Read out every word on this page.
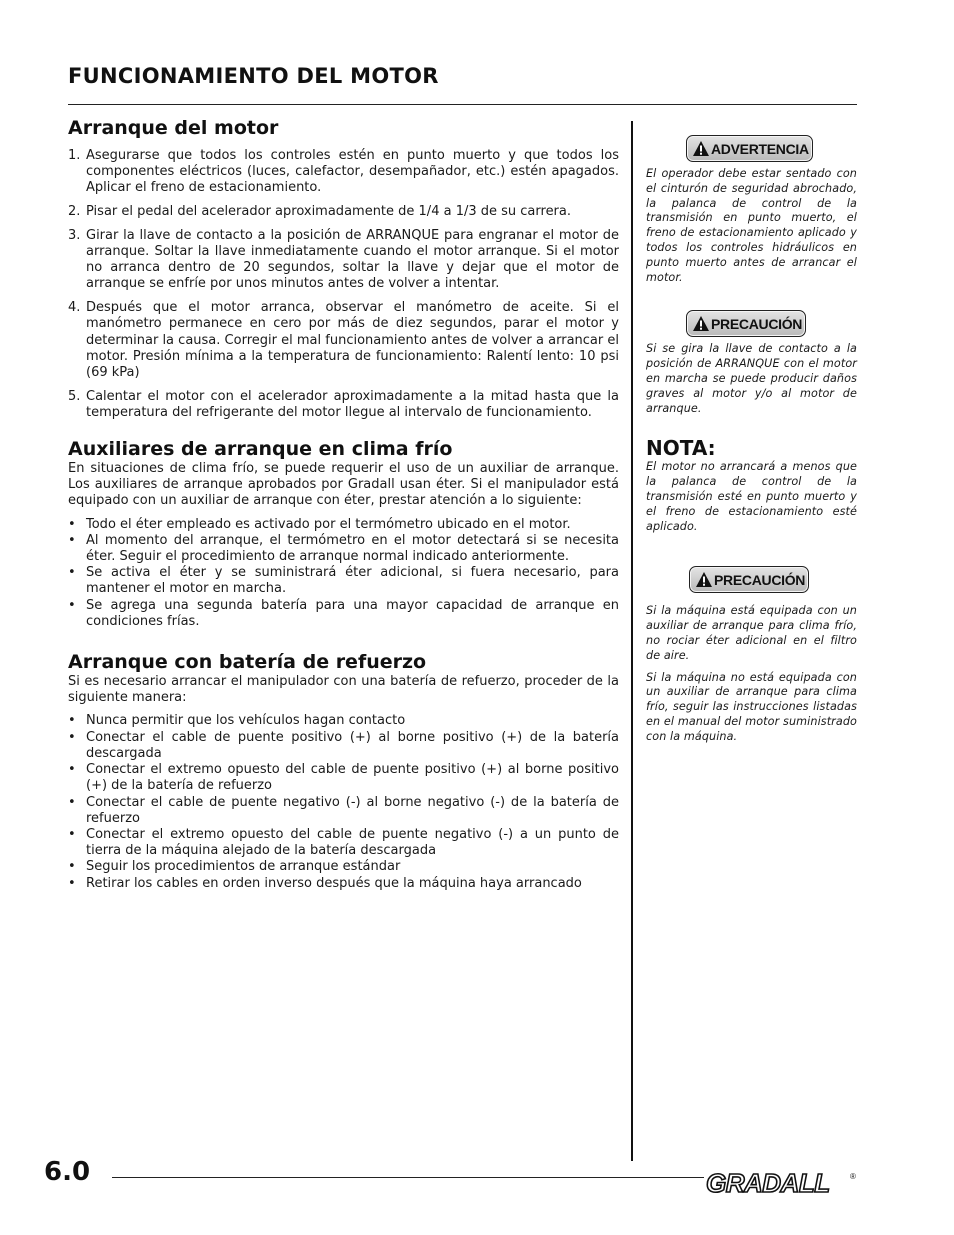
FUNCIONAMIENTO DEL MOTOR
Arranque del motor
1. Asegurarse que todos los controles estén en punto muerto y que todos los componentes eléctricos (luces, calefactor, desempañador, etc.) estén apagados. Aplicar el freno de estacionamiento.
2. Pisar el pedal del acelerador aproximadamente de 1/4 a 1/3 de su carrera.
3. Girar la llave de contacto a la posición de ARRANQUE para engranar el motor de arranque. Soltar la llave inmediatamente cuando el motor arranque. Si el motor no arranca dentro de 20 segundos, soltar la llave y dejar que el motor de arranque se enfríe por unos minutos antes de volver a intentar.
4. Después que el motor arranca, observar el manómetro de aceite. Si el manómetro permanece en cero por más de diez segundos, parar el motor y determinar la causa. Corregir el mal funcionamiento antes de volver a arrancar el motor. Presión mínima a la temperatura de funcionamiento: Ralentí lento: 10 psi (69 kPa)
5. Calentar el motor con el acelerador aproximadamente a la mitad hasta que la temperatura del refrigerante del motor llegue al intervalo de funcionamiento.
Auxiliares de arranque en clima frío

En situaciones de clima frío, se puede requerir el uso de un auxiliar de arranque. Los auxiliares de arranque aprobados por Gradall usan éter. Si el manipulador está equipado con un auxiliar de arranque con éter, prestar atención a lo siguiente:

• Todo el éter empleado es activado por el termómetro ubicado en el motor.
• Al momento del arranque, el termómetro en el motor detectará si se necesita éter. Seguir el procedimiento de arranque normal indicado anteriormente.
• Se activa el éter y se suministrará éter adicional, si fuera necesario, para mantener el motor en marcha.
• Se agrega una segunda batería para una mayor capacidad de arranque en condiciones frías.
Arranque con batería de refuerzo

Si es necesario arrancar el manipulador con una batería de refuerzo, proceder de la siguiente manera:

• Nunca permitir que los vehículos hagan contacto
• Conectar el cable de puente positivo (+) al borne positivo (+) de la batería descargada
• Conectar el extremo opuesto del cable de puente positivo (+) al borne positivo (+) de la batería de refuerzo
• Conectar el cable de puente negativo (-) al borne negativo (-) de la batería de refuerzo
• Conectar el extremo opuesto del cable de puente negativo (-) a un punto de tierra de la máquina alejado de la batería descargada
• Seguir los procedimientos de arranque estándar
• Retirar los cables en orden inverso después que la máquina haya arrancado
ADVERTENCIA

El operador debe estar sentado con el cinturón de seguridad abrochado, la palanca de control de la transmisión en punto muerto, el freno de estacionamiento aplicado y todos los controles hidráulicos en punto muerto antes de arrancar el motor.

PRECAUCIÓN

Si se gira la llave de contacto a la posición de ARRANQUE con el motor en marcha se puede producir daños graves al motor y/o al motor de arranque.

NOTA:

El motor no arrancará a menos que la palanca de control de la transmisión esté en punto muerto y el freno de estacionamiento esté aplicado.

PRECAUCIÓN

Si la máquina está equipada con un auxiliar de arranque para clima frío, no rociar éter adicional en el filtro de aire.

Si la máquina no está equipada con un auxiliar de arranque para clima frío, seguir las instrucciones listadas en el manual del motor suministrado con la máquina.

6.0	GRADALL	®
